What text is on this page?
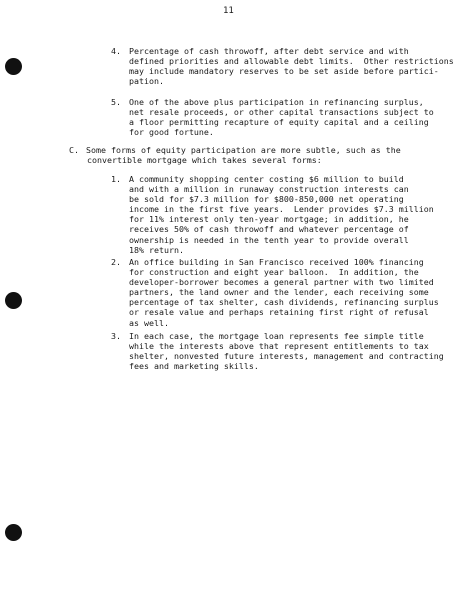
11
4. Percentage of cash throwoff, after debt service and with
defined priorities and allowable debt limits.  Other restrictions
may include mandatory reserves to be set aside before partici-
pation.
5. One of the above plus participation in refinancing surplus,
net resale proceeds, or other capital transactions subject to
a floor permitting recapture of equity capital and a ceiling
for good fortune.
C. Some forms of equity participation are more subtle, such as the
convertible mortgage which takes several forms:
1. A community shopping center costing $6 million to build
and with a million in runaway construction interests can
be sold for $7.3 million for $800-850,000 net operating
income in the first five years.  Lender provides $7.3 million
for 11% interest only ten-year mortgage; in addition, he
receives 50% of cash throwoff and whatever percentage of
ownership is needed in the tenth year to provide overall
18% return.
2. An office building in San Francisco received 100% financing
for construction and eight year balloon.  In addition, the
developer-borrower becomes a general partner with two limited
partners, the land owner and the lender, each receiving some
percentage of tax shelter, cash dividends, refinancing surplus
or resale value and perhaps retaining first right of refusal
as well.
3. In each case, the mortgage loan represents fee simple title
while the interests above that represent entitlements to tax
shelter, nonvested future interests, management and contracting
fees and marketing skills.
